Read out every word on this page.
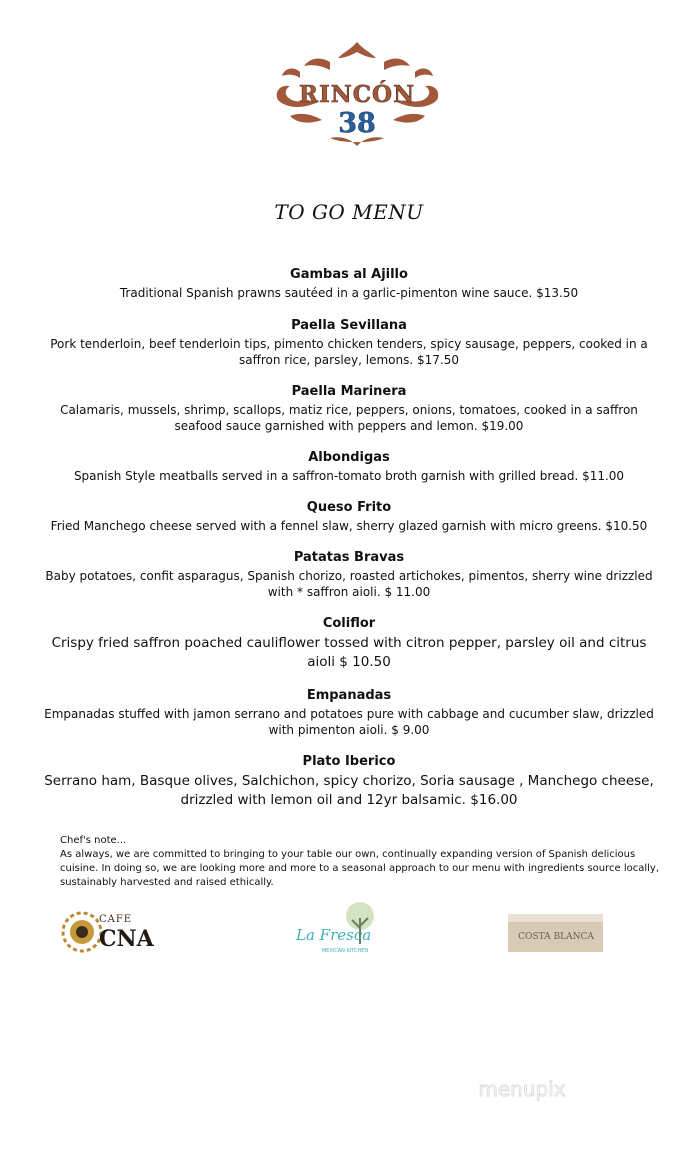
RINCÓN
38
TO GO MENU
Gambas al Ajillo
Traditional Spanish prawns sautéed in a garlic-pimenton wine sauce. $13.50
Paella Sevillana
Pork tenderloin, beef tenderloin tips, pimento chicken tenders, spicy sausage, peppers, cooked in a saffron rice, parsley, lemons. $17.50
Paella Marinera
Calamaris, mussels, shrimp, scallops, matiz rice, peppers, onions, tomatoes, cooked in a saffron seafood sauce garnished with peppers and lemon. $19.00
Albondigas
Spanish Style meatballs served in a saffron-tomato broth garnish with grilled bread. $11.00
Queso Frito
Fried Manchego cheese served with a fennel slaw, sherry glazed garnish with micro greens. $10.50
Patatas Bravas
Baby potatoes, confit asparagus, Spanish chorizo, roasted artichokes, pimentos, sherry wine drizzled with * saffron aioli. $ 11.00
Coliflor
Crispy fried saffron poached cauliflower tossed with citron pepper, parsley oil and citrus aioli $ 10.50
Empanadas
Empanadas stuffed with jamon serrano and potatoes pure with cabbage and cucumber slaw, drizzled with pimenton aioli. $ 9.00
Plato Iberico
Serrano ham, Basque olives, Salchichon, spicy chorizo, Soria sausage , Manchego cheese, drizzled with lemon oil and 12yr balsamic. $16.00
Chef's note...
As always, we are committed to bringing to your table our own, continually expanding version of Spanish delicious cuisine. In doing so, we are looking more and more to a seasonal approach to our menu with ingredients source locally, sustainably harvested and raised ethically.
CAFE
CNA	La Fresca
MEXICAN KITCHEN
COSTA BLANCA
menupix
